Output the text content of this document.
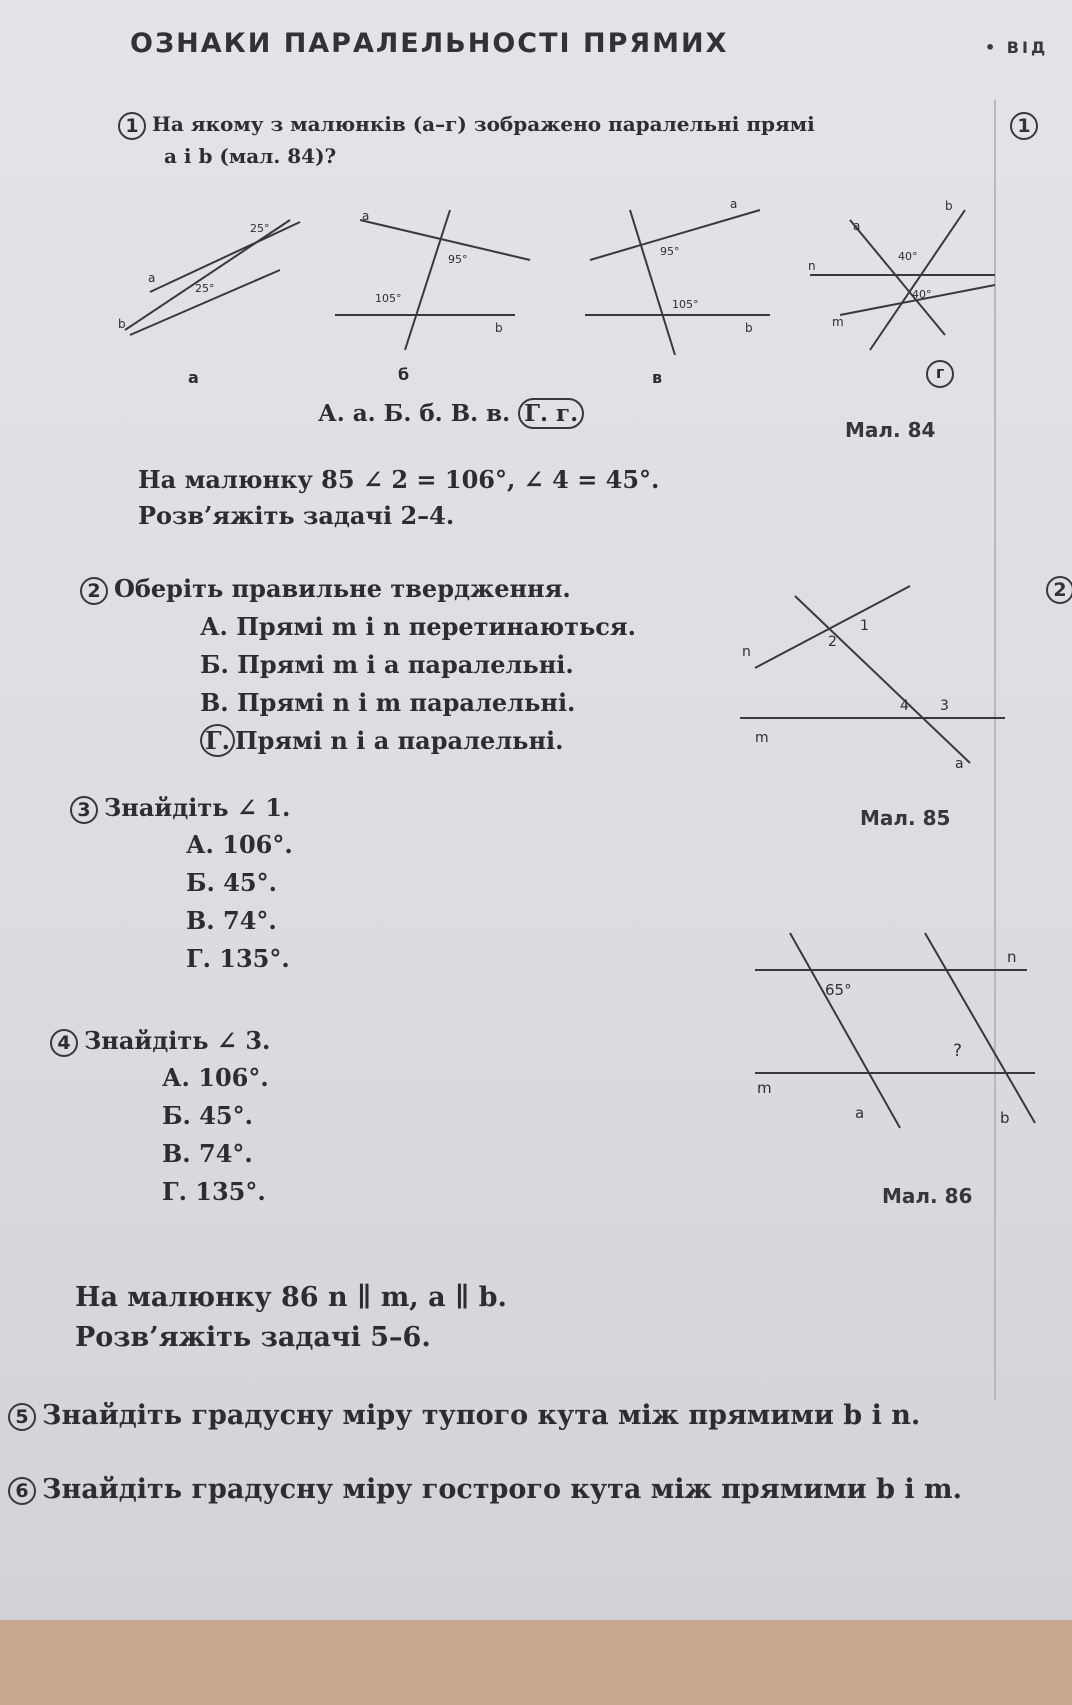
ОЗНАКИ ПАРАЛЕЛЬНОСТІ ПРЯМИХ	• ВІД
1
2
1 На якому з малюнків (а–г) зображено паралельні прямі
а і b (мал. 84)?
25°
25°
a
b
95°
105°
a
b
95°
105°
a
b
40°
40°
a
b
n
m
а	б	в	г
А. а. Б. б. В. в. Г. г.
Мал. 84
На малюнку 85 ∠ 2 = 106°, ∠ 4 = 45°.
Розв’яжіть задачі 2–4.
2 Оберіть правильне твердження.
А. Прямі m і n перетинаються.
Б. Прямі m і a паралельні.
В. Прямі n і m паралельні.
Г. Прямі n і a паралельні.
n
m
a
1
2
3
4
Мал. 85
3 Знайдіть ∠ 1.
А. 106°.
Б. 45°.
В. 74°.
Г. 135°.
4 Знайдіть ∠ 3.
А. 106°.
Б. 45°.
В. 74°.
Г. 135°.
65°
?
n
m
a	b
Мал. 86
На малюнку 86 n ∥ m, a ∥ b.
Розв’яжіть задачі 5–6.
5 Знайдіть градусну міру тупого кута між прямими b і n.
6 Знайдіть градусну міру гострого кута між прямими b і m.
